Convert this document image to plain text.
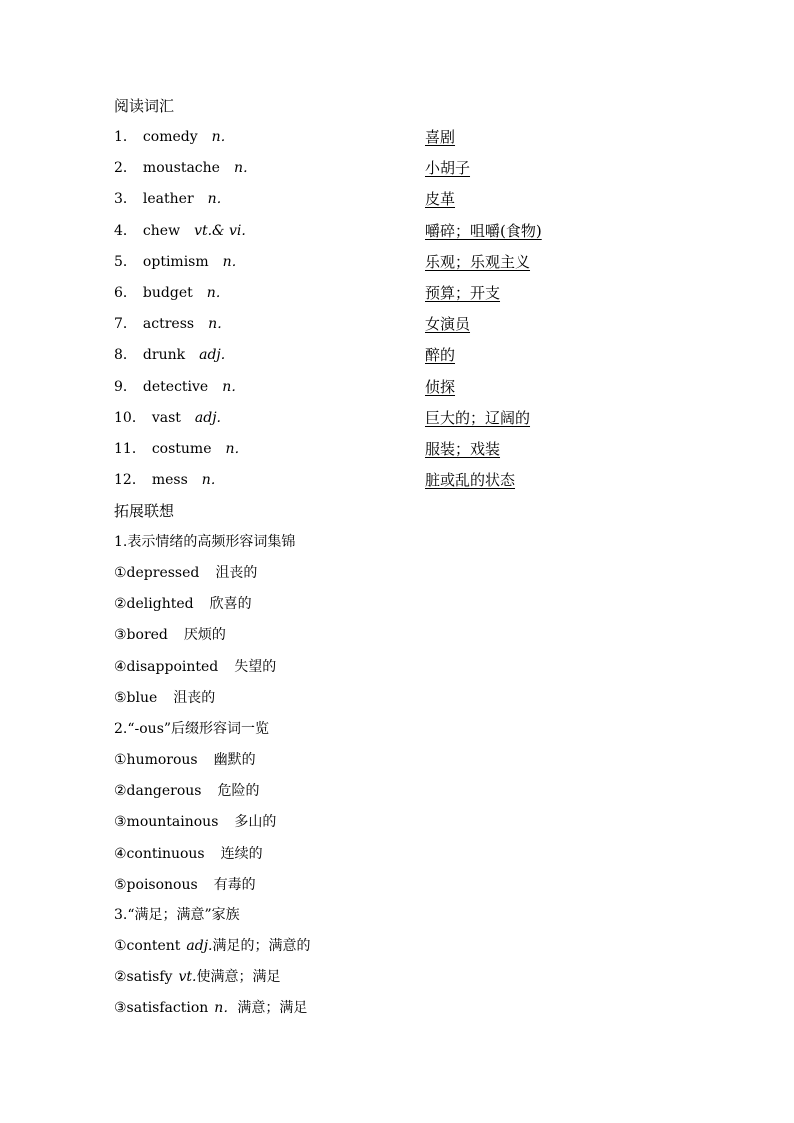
阅读词汇
1． comedy n．	喜剧
2． moustache n．	小胡子
3． leather n．	皮革
4． chew vt.& vi.	嚼碎；咀嚼(食物)
5． optimism n．	乐观；乐观主义
6． budget n．	预算；开支
7． actress n．	女演员
8． drunk adj.	醉的
9． detective n．	侦探
10． vast adj.	巨大的；辽阔的
11． costume n．	服装；戏装
12． mess n．	脏或乱的状态
拓展联想
1.表示情绪的高频形容词集锦
①depressed 沮丧的
②delighted 欣喜的
③bored 厌烦的
④disappointed 失望的
⑤blue 沮丧的
2.“-ous”后缀形容词一览
①humorous 幽默的
②dangerous 危险的
③mountainous 多山的
④continuous 连续的
⑤poisonous 有毒的
3.“满足；满意”家族
①content adj.满足的；满意的
②satisfy vt.使满意；满足
③satisfaction n．满意；满足
